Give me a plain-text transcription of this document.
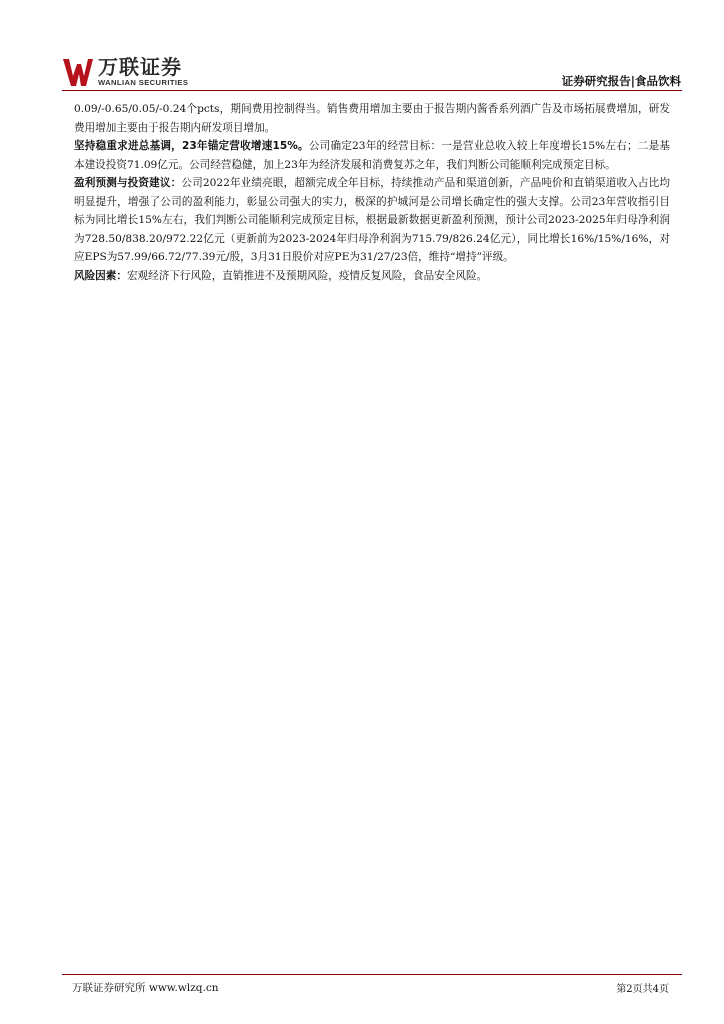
万联证券
WANLIAN SECURITIES	证券研究报告|食品饮料

0.09/-0.65/0.05/-0.24个pcts，期间费用控制得当。销售费用增加主要由于报告期内酱香系列酒广告及市场拓展费增加，研发费用增加主要由于报告期内研发项目增加。

坚持稳重求进总基调，23年锚定营收增速15%。公司确定23年的经营目标：一是营业总收入较上年度增长15%左右；二是基本建设投资71.09亿元。公司经营稳健，加上23年为经济发展和消费复苏之年，我们判断公司能顺利完成预定目标。

盈利预测与投资建议：公司2022年业绩亮眼，超额完成全年目标，持续推动产品和渠道创新，产品吨价和直销渠道收入占比均明显提升，增强了公司的盈利能力，彰显公司强大的实力，极深的护城河是公司增长确定性的强大支撑。公司23年营收指引目标为同比增长15%左右，我们判断公司能顺利完成预定目标，根据最新数据更新盈利预测，预计公司2023-2025年归母净利润为728.50/838.20/972.22亿元（更新前为2023-2024年归母净利润为715.79/826.24亿元），同比增长16%/15%/16%，对应EPS为57.99/66.72/77.39元/股，3月31日股价对应PE为31/27/23倍，维持“增持”评级。

风险因素：宏观经济下行风险，直销推进不及预期风险，疫情反复风险，食品安全风险。

万联证券研究所 www.wlzq.cn	第2页共4页
